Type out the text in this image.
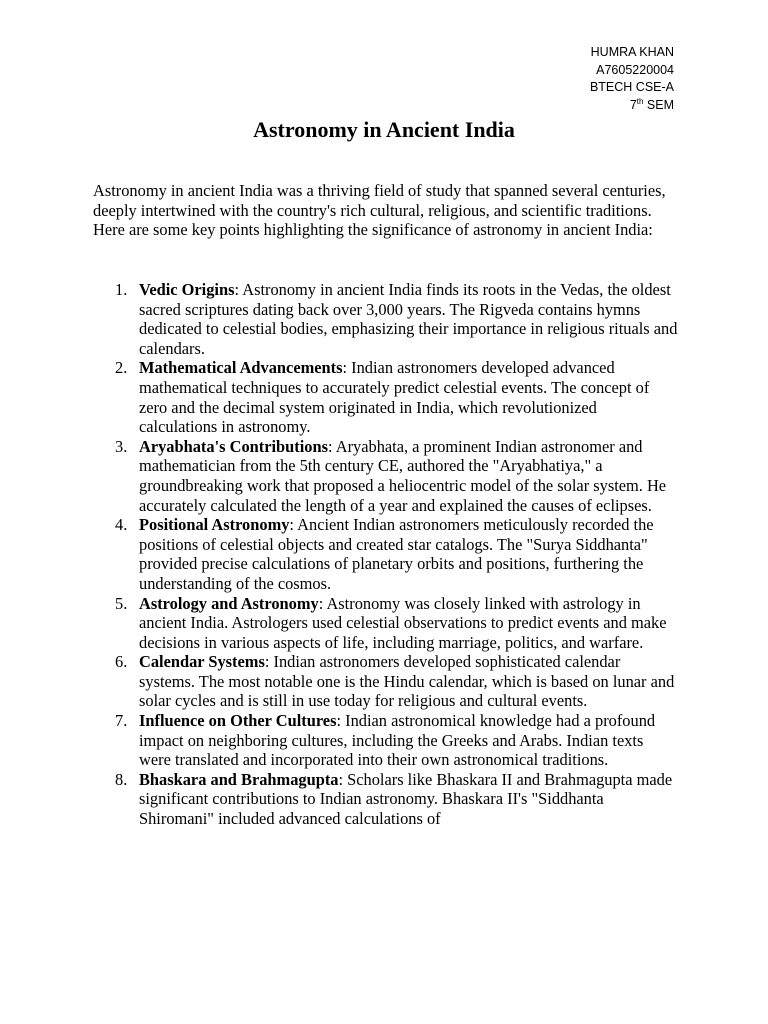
HUMRA KHAN
A7605220004
BTECH CSE-A
7th SEM
Astronomy in Ancient India

Astronomy in ancient India was a thriving field of study that spanned several centuries, deeply intertwined with the country's rich cultural, religious, and scientific traditions. Here are some key points highlighting the significance of astronomy in ancient India:

1. Vedic Origins: Astronomy in ancient India finds its roots in the Vedas, the oldest sacred scriptures dating back over 3,000 years. The Rigveda contains hymns dedicated to celestial bodies, emphasizing their importance in religious rituals and calendars.
2. Mathematical Advancements: Indian astronomers developed advanced mathematical techniques to accurately predict celestial events. The concept of zero and the decimal system originated in India, which revolutionized calculations in astronomy.
3. Aryabhata's Contributions: Aryabhata, a prominent Indian astronomer and mathematician from the 5th century CE, authored the "Aryabhatiya," a groundbreaking work that proposed a heliocentric model of the solar system. He accurately calculated the length of a year and explained the causes of eclipses.
4. Positional Astronomy: Ancient Indian astronomers meticulously recorded the positions of celestial objects and created star catalogs. The "Surya Siddhanta" provided precise calculations of planetary orbits and positions, furthering the understanding of the cosmos.
5. Astrology and Astronomy: Astronomy was closely linked with astrology in ancient India. Astrologers used celestial observations to predict events and make decisions in various aspects of life, including marriage, politics, and warfare.
6. Calendar Systems: Indian astronomers developed sophisticated calendar systems. The most notable one is the Hindu calendar, which is based on lunar and solar cycles and is still in use today for religious and cultural events.
7. Influence on Other Cultures: Indian astronomical knowledge had a profound impact on neighboring cultures, including the Greeks and Arabs. Indian texts were translated and incorporated into their own astronomical traditions.
8. Bhaskara and Brahmagupta: Scholars like Bhaskara II and Brahmagupta made significant contributions to Indian astronomy. Bhaskara II's "Siddhanta Shiromani" included advanced calculations of
